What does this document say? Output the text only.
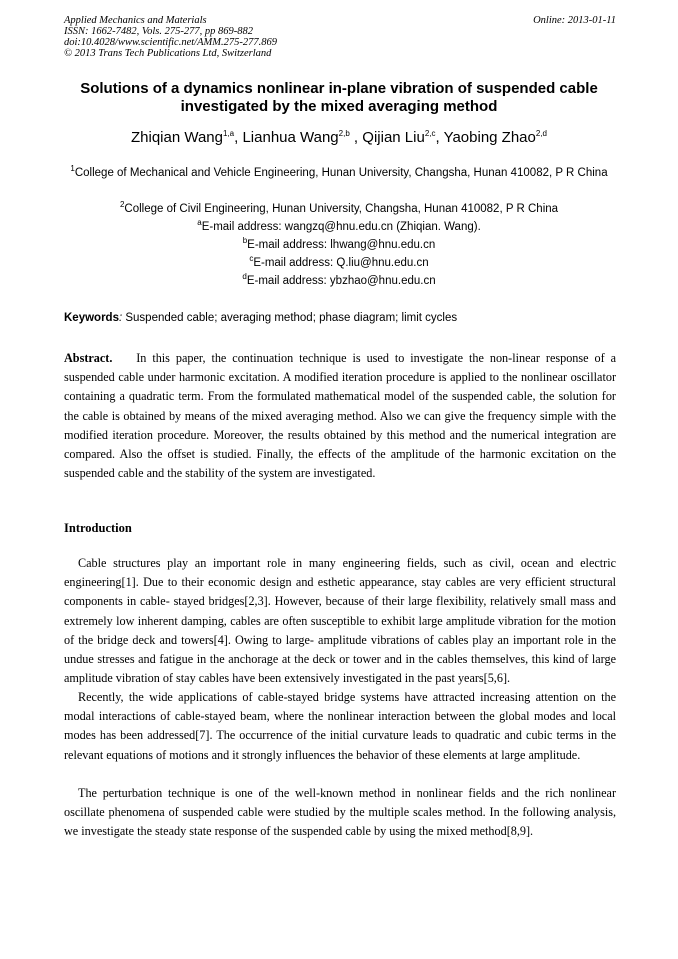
Applied Mechanics and Materials
ISSN: 1662-7482, Vols. 275-277, pp 869-882
doi:10.4028/www.scientific.net/AMM.275-277.869
© 2013 Trans Tech Publications Ltd, Switzerland
Online: 2013-01-11
Solutions of a dynamics nonlinear in-plane vibration of suspended cable investigated by the mixed averaging method
Zhiqian Wang$^{1,a}$, Lianhua Wang$^{2,b}$ , Qijian Liu$^{2,c}$, Yaobing Zhao$^{2,d}$
$^1$College of Mechanical and Vehicle Engineering, Hunan University, Changsha, Hunan 410082, P R China
$^2$College of Civil Engineering, Hunan University, Changsha, Hunan 410082, P R China
$^a$E-mail address: wangzq@hnu.edu.cn (Zhiqian. Wang).
$^b$E-mail address: lhwang@hnu.edu.cn
$^c$E-mail address: Q.liu@hnu.edu.cn
$^d$E-mail address: ybzhao@hnu.edu.cn
Keywords: Suspended cable; averaging method; phase diagram; limit cycles

Abstract. In this paper, the continuation technique is used to investigate the non-linear response of a suspended cable under harmonic excitation. A modified iteration procedure is applied to the nonlinear oscillator containing a quadratic term. From the formulated mathematical model of the suspended cable, the solution for the cable is obtained by means of the mixed averaging method. Also we can give the frequency simple with the modified iteration procedure. Moreover, the results obtained by this method and the numerical integration are compared. Also the offset is studied. Finally, the effects of the amplitude of the harmonic excitation on the suspended cable and the stability of the system are investigated.

Introduction

Cable structures play an important role in many engineering fields, such as civil, ocean and electric engineering[1]. Due to their economic design and esthetic appearance, stay cables are very efficient structural components in cable- stayed bridges[2,3]. However, because of their large flexibility, relatively small mass and extremely low inherent damping, cables are often susceptible to exhibit large amplitude vibration for the motion of the bridge deck and towers[4]. Owing to large- amplitude vibrations of cables play an important role in the undue stresses and fatigue in the anchorage at the deck or tower and in the cables themselves, this kind of large amplitude vibration of stay cables have been extensively investigated in the past years[5,6].

Recently, the wide applications of cable-stayed bridge systems have attracted increasing attention on the modal interactions of cable-stayed beam, where the nonlinear interaction between the global modes and local modes has been addressed[7]. The occurrence of the initial curvature leads to quadratic and cubic terms in the relevant equations of motions and it strongly influences the behavior of these elements at large amplitude.

The perturbation technique is one of the well-known method in nonlinear fields and the rich nonlinear oscillate phenomena of suspended cable were studied by the multiple scales method. In the following analysis, we investigate the steady state response of the suspended cable by using the mixed method[8,9].
